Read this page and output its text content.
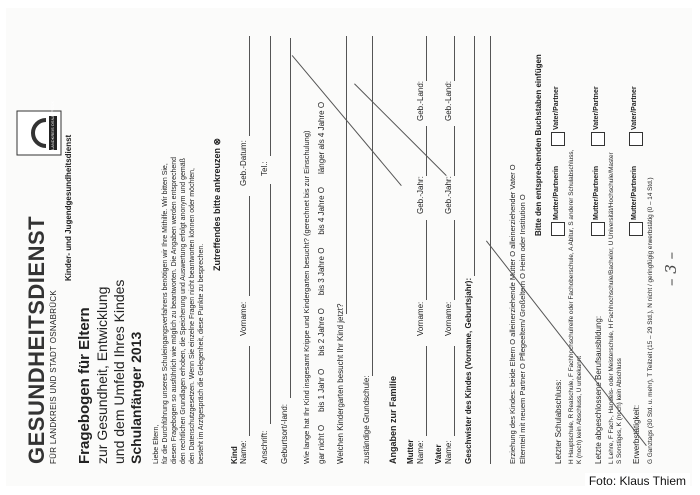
GESUNDHEITSDIENST FÜR LANDKREIS UND STADT OSNABRÜCK
LANDKREIS OSNABRÜCK
Kinder- und Jugendgesundheitsdienst
Fragebogen für Eltern zur Gesundheit, Entwicklung und dem Umfeld Ihres Kindes Schulanfänger 2013 Liebe Eltern, für die Durchführung unseres Schuleingangsverfahrens benötigen wir Ihre Mithilfe. Wir bitten Sie, diesen Fragebogen so ausführlich wie möglich zu beantworten. Die Angaben werden entsprechend den rechtlichen Grundlagen erhoben, die Speicherung und Auswertung erfolgt anonym und gemäß den Datenschutzgesetzen. Wenn Sie einzelne Fragen nicht beantworten können oder möchten, besteht im Arztgespräch die Gelegenheit, diese Punkte zu besprechen.
Zutreffendes bitte ankreuzen ⊗
Kind Name:
Vorname:
Geb.-Datum:
Anschrift:
Tel.:
Geburtsort/-land: Wie lange hat Ihr Kind insgesamt Krippe und Kindergarten besucht? (gerechnet bis zur Einschulung) gar nicht O
bis 1 Jahr O
bis 2 Jahre O
bis 3 Jahre O
bis 4 Jahre O
länger als 4 Jahre O
Welchen Kindergarten besucht Ihr Kind jetzt? zuständige Grundschule: Angaben zur Familie Mutter Name:
Vorname:
Geb.-Jahr:
Geb.-Land:
Vater Name:
Vorname:
Geb.-Jahr:
Geb.-Land:
Geschwister des Kindes (Vorname, Geburtsjahr):	Erziehung des Kindes: beide Eltern O alleinerziehende Mutter O alleinerziehender Vater O Elternteil mit neuem Partner O Pflegeeltern/ Großeltern O Heim oder Institution O
Bitte den entsprechenden Buchstaben einfügen
Letzter Schulabschluss:
Mutter/Partnerin
Vater/Partner
H Hauptschule, R Realschule, F Fachhochschulreife oder Fachoberschule, A Abitur, S anderer Schulabschluss, K (noch) kein Abschluss, U unbekannt Letzte abgeschlossene Berufsausbildung:
Mutter/Partnerin
Vater/Partner
L Lehre, F Fach-, Handels- oder Meisterschule, H Fachhochschule/Bachelor, U Universität/Hochschule/Master S Sonstiges, K (noch) kein Abschluss Erwerbstätigkeit:
Mutter/Partnerin
Vater/Partner
G Ganztags (30 Std. u. mehr), T Teilzeit (15 – 29 Std.), N nicht / geringfügig erwerbstätig (0 – 14 Std.) – 3 –
Foto: Klaus Thiem
